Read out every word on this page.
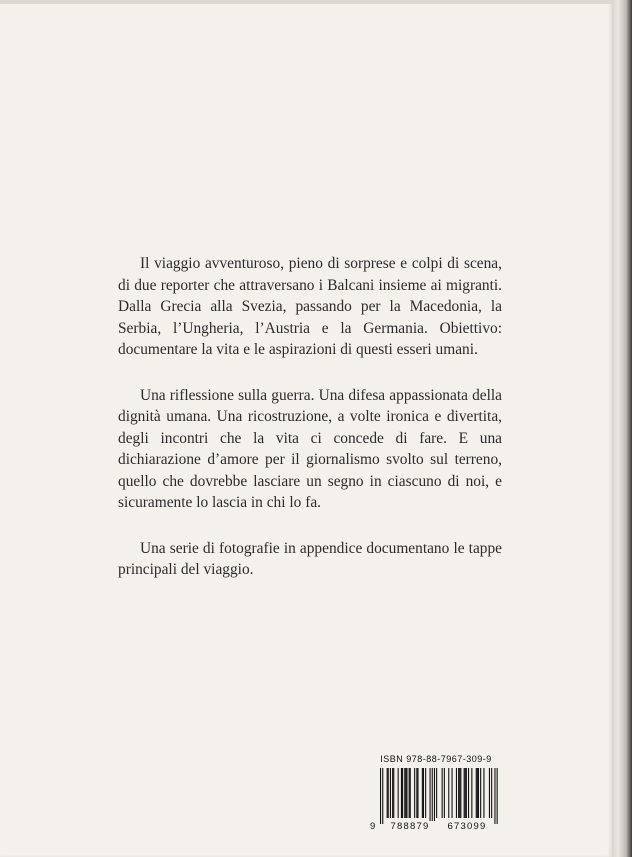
Il viaggio avventuroso, pieno di sorprese e colpi di scena, di due reporter che attraversano i Balcani insieme ai migranti. Dalla Grecia alla Svezia, passando per la Macedonia, la Serbia, l’Ungheria, l’Austria e la Germania. Obiettivo: documentare la vita e le aspirazioni di questi esseri umani.

Una riflessione sulla guerra. Una difesa appassionata della dignità umana. Una ricostruzione, a volte ironica e divertita, degli incontri che la vita ci concede di fare. E una dichiarazione d’amore per il giornalismo svolto sul terreno, quello che dovrebbe lasciare un segno in ciascuno di noi, e sicuramente lo lascia in chi lo fa.

Una serie di fotografie in appendice documentano le tappe principali del viaggio.

ISBN 978-88-7967-309-9
9	788879	673099
